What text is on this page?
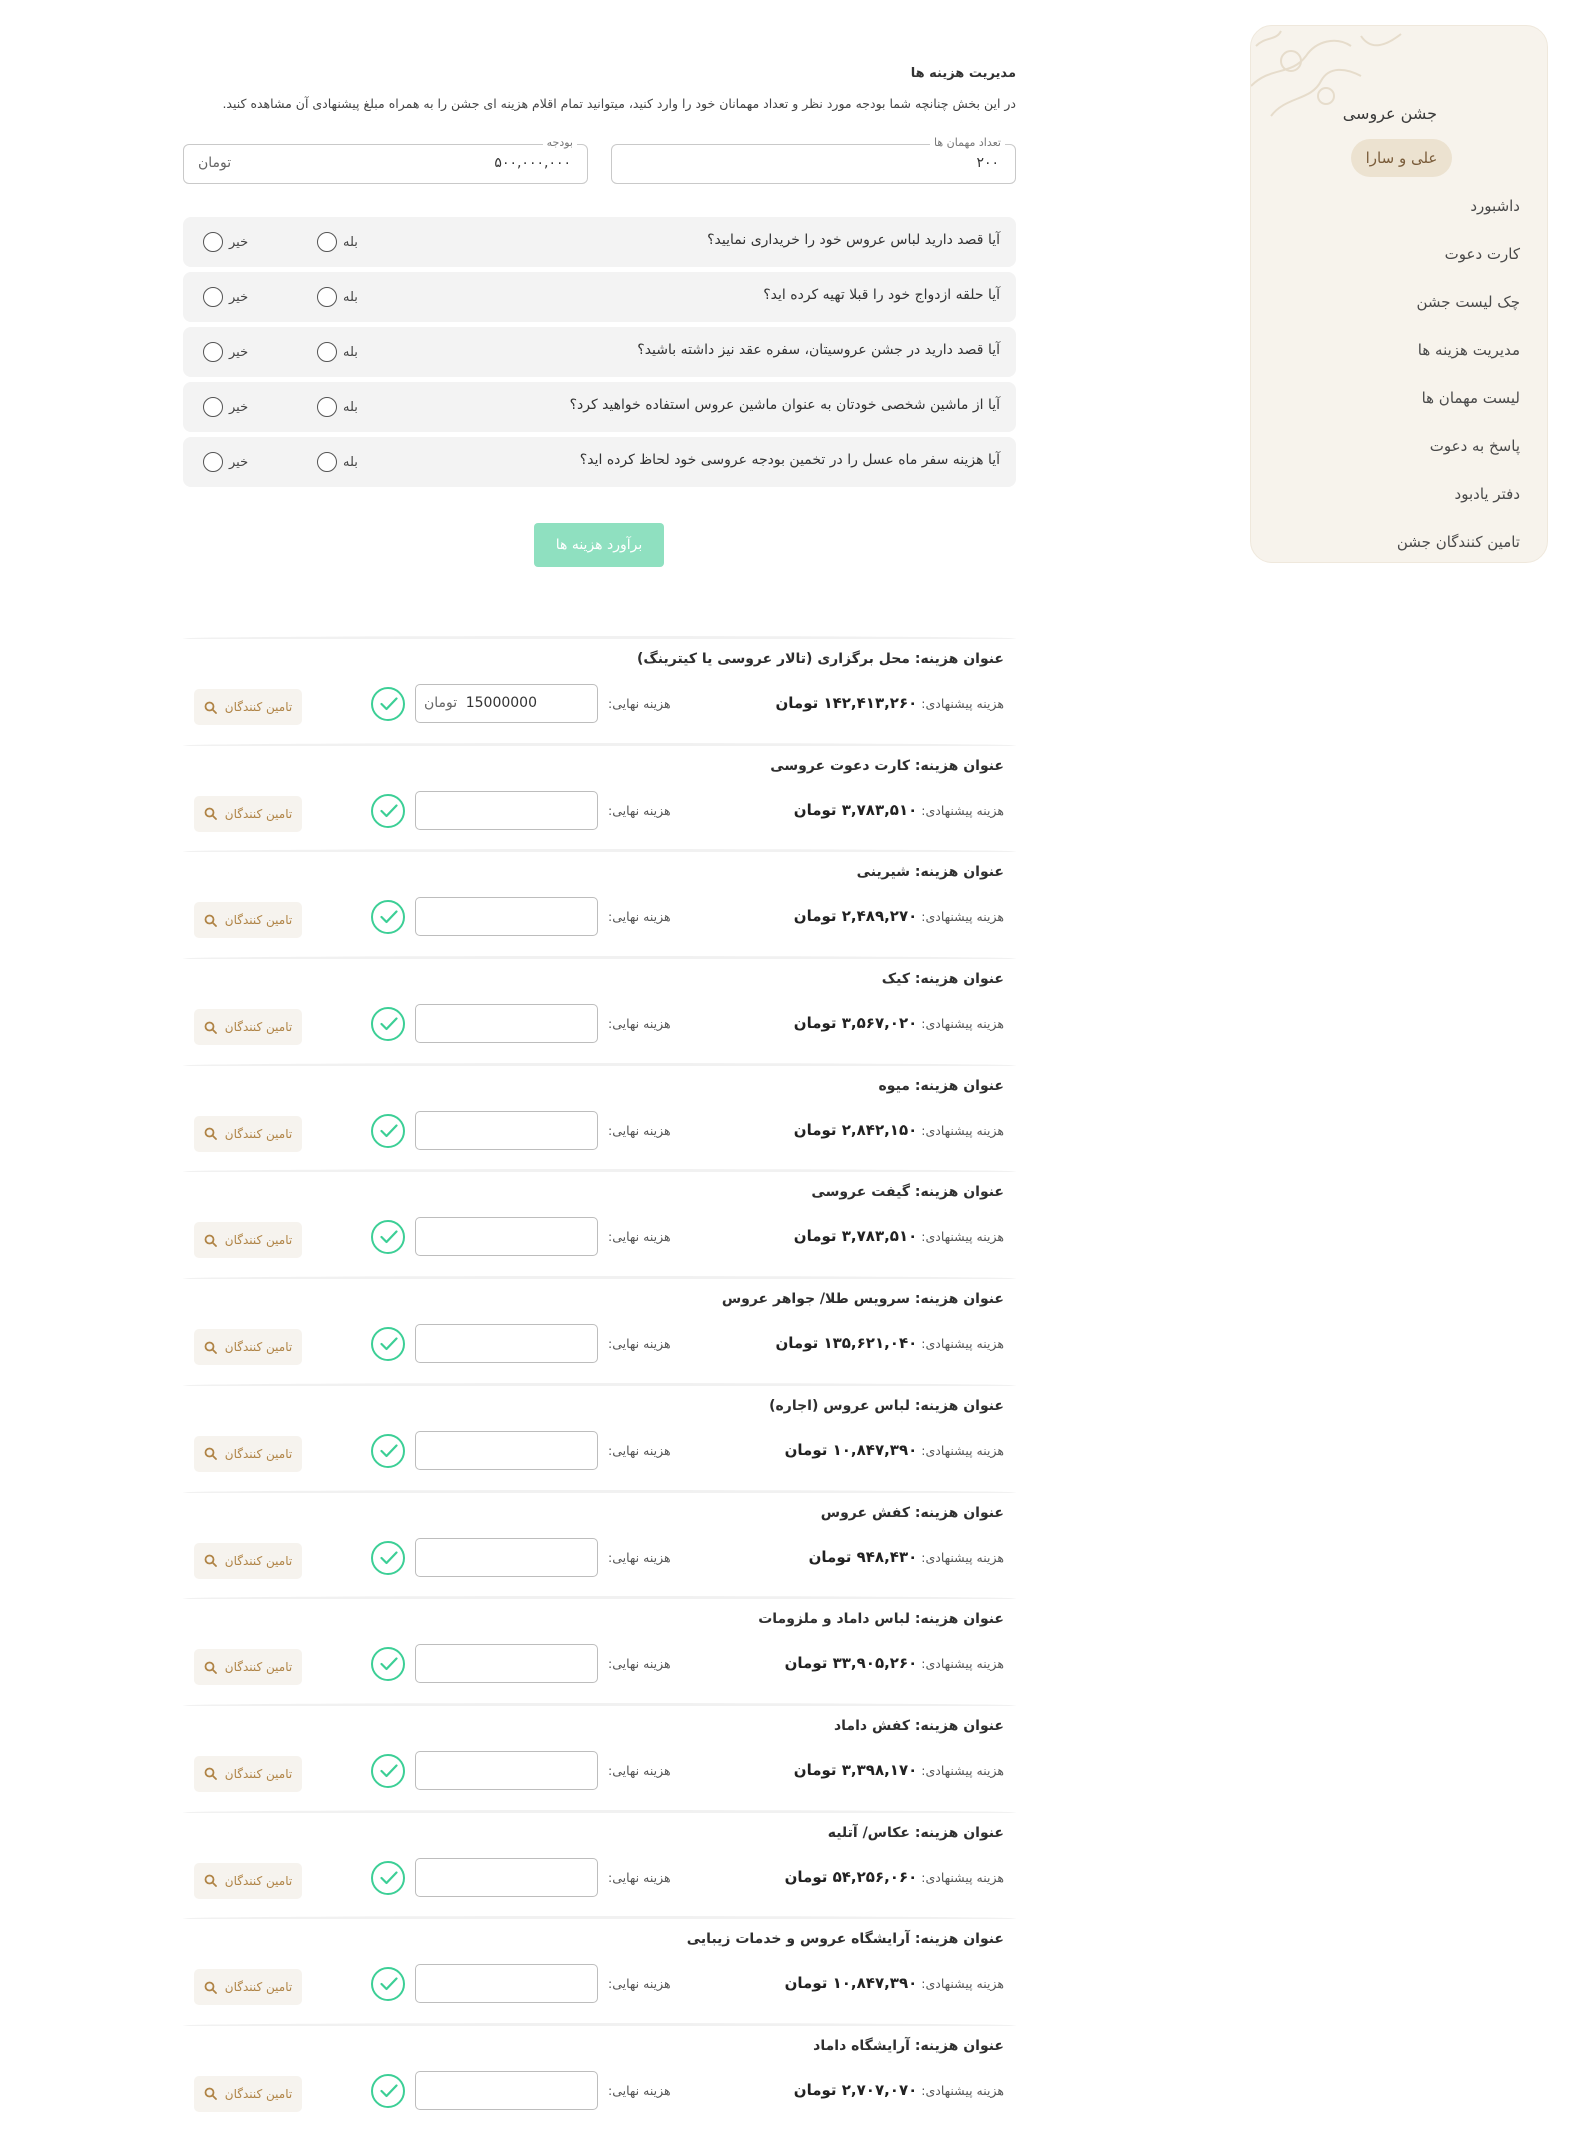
جشن عروسی
علی و سارا
داشبورد
کارت دعوت
چک لیست جشن
مدیریت هزینه ها
لیست مهمان ها
پاسخ به دعوت
دفتر یادبود
تامین کنندگان جشن
مدیریت هزینه ها
در این بخش چنانچه شما بودجه مورد نظر و تعداد مهمانان خود را وارد کنید، میتوانید تمام اقلام هزینه ای جشن را به همراه مبلغ پیشنهادی آن مشاهده کنید.
تعداد مهمان ها
۲۰۰
بودجه
۵۰۰,۰۰۰,۰۰۰
تومان
آیا قصد دارید لباس عروس خود را خریداری نمایید؟
بله
خیر
آیا حلقه ازدواج خود را قبلا تهیه کرده اید؟
بله
خیر
آیا قصد دارید در جشن عروسیتان، سفره عقد نیز داشته باشید؟
بله
خیر
آیا از ماشین شخصی خودتان به عنوان ماشین عروس استفاده خواهید کرد؟
بله
خیر
آیا هزینه سفر ماه عسل را در تخمین بودجه عروسی خود لحاظ کرده اید؟
بله
خیر
برآورد هزینه ها
عنوان هزینه: محل برگزاری (تالار عروسی یا کیترینگ)
هزینه پیشنهادی:۱۴۲,۴۱۳,۲۶۰ تومان
هزینه نهایی:
15000000
تومان
تامین کنندگان
عنوان هزینه: کارت دعوت عروسی
هزینه پیشنهادی:۳,۷۸۳,۵۱۰ تومان
هزینه نهایی:
تامین کنندگان
عنوان هزینه: شیرینی
هزینه پیشنهادی:۲,۴۸۹,۲۷۰ تومان
هزینه نهایی:
تامین کنندگان
عنوان هزینه: کیک
هزینه پیشنهادی:۳,۵۶۷,۰۲۰ تومان
هزینه نهایی:
تامین کنندگان
عنوان هزینه: میوه
هزینه پیشنهادی:۲,۸۴۲,۱۵۰ تومان
هزینه نهایی:
تامین کنندگان
عنوان هزینه: گیفت عروسی
هزینه پیشنهادی:۳,۷۸۳,۵۱۰ تومان
هزینه نهایی:
تامین کنندگان
عنوان هزینه: سرویس طلا/ جواهر عروس
هزینه پیشنهادی:۱۳۵,۶۲۱,۰۴۰ تومان
هزینه نهایی:
تامین کنندگان
عنوان هزینه: لباس عروس (اجاره)
هزینه پیشنهادی:۱۰,۸۴۷,۳۹۰ تومان
هزینه نهایی:
تامین کنندگان
عنوان هزینه: کفش عروس
هزینه پیشنهادی:۹۴۸,۴۳۰ تومان
هزینه نهایی:
تامین کنندگان
عنوان هزینه: لباس داماد و ملزومات
هزینه پیشنهادی:۳۳,۹۰۵,۲۶۰ تومان
هزینه نهایی:
تامین کنندگان
عنوان هزینه: کفش داماد
هزینه پیشنهادی:۳,۳۹۸,۱۷۰ تومان
هزینه نهایی:
تامین کنندگان
عنوان هزینه: عکاس/ آتلیه
هزینه پیشنهادی:۵۴,۲۵۶,۰۶۰ تومان
هزینه نهایی:
تامین کنندگان
عنوان هزینه: آرایشگاه عروس و خدمات زیبایی
هزینه پیشنهادی:۱۰,۸۴۷,۳۹۰ تومان
هزینه نهایی:
تامین کنندگان
عنوان هزینه: آرایشگاه داماد
هزینه پیشنهادی:۲,۷۰۷,۰۷۰ تومان
هزینه نهایی:
تامین کنندگان
